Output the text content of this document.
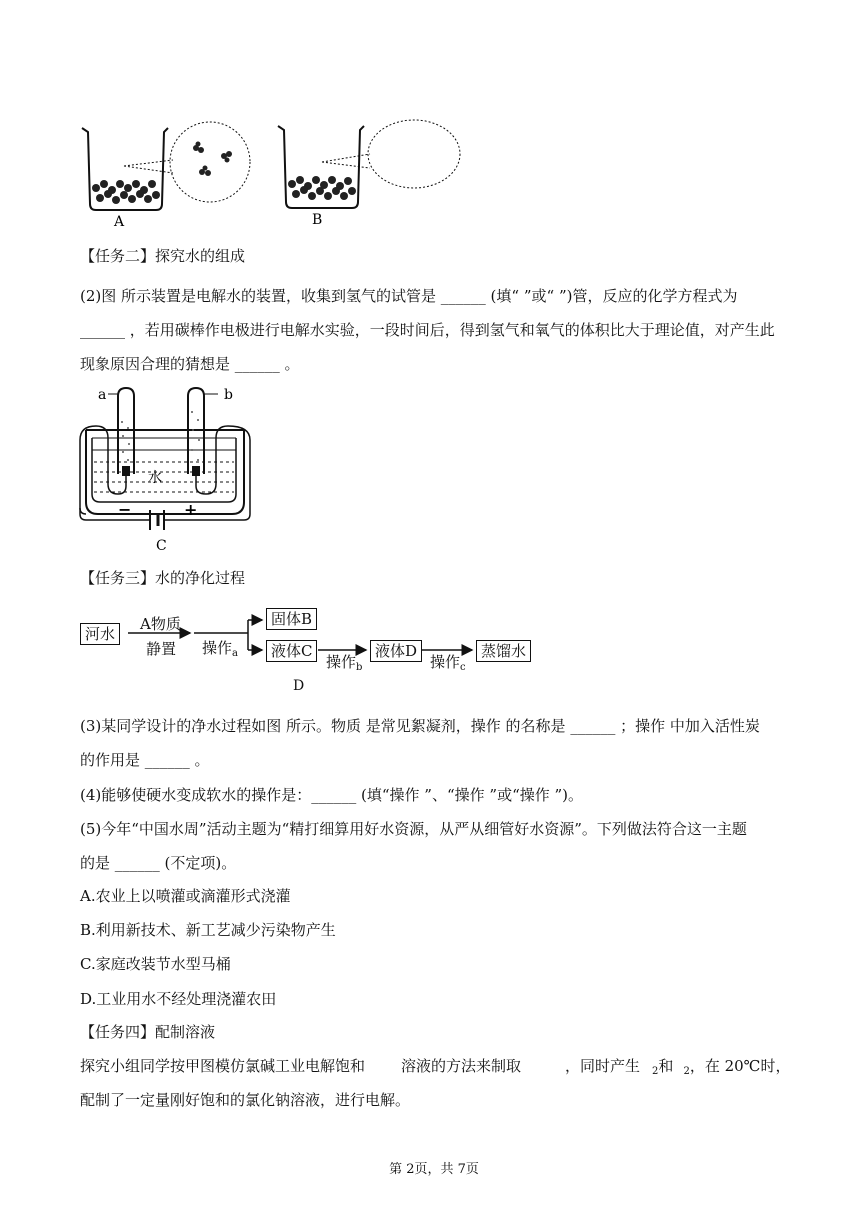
A	B
【任务二】探究水的组成
(2)图 所示装置是电解水的装置，收集到氢气的试管是 ______ (填“ ”或“ ”)管，反应的化学方程式为
______ ，若用碳棒作电极进行电解水实验，一段时间后，得到氢气和氧气的体积比大于理论值，对产生此
现象原因合理的猜想是 ______ 。
a	b
水
−	+
C
【任务三】水的净化过程
河水
A物质
静置 操作$_a$
固体B
液体C
操作$_b$
液体D
操作$_c$
蒸馏水
D
(3)某同学设计的净水过程如图 所示。物质 是常见絮凝剂，操作 的名称是 ______ ；操作 中加入活性炭
的作用是 ______ 。
(4)能够使硬水变成软水的操作是：______ (填“操作 ”、“操作 ”或“操作 ”)。
(5)今年“中国水周”活动主题为“精打细算用好水资源，从严从细管好水资源”。下列做法符合这一主题
的是 ______ (不定项)。
A.农业上以喷灌或滴灌形式浇灌
B.利用新技术、新工艺减少污染物产生
C.家庭改装节水型马桶
D.工业用水不经处理浇灌农田
【任务四】配制溶液
探究小组同学按甲图模仿氯碱工业电解饱和 溶液的方法来制取	，同时产生 $_2$和 $_2$，在 20℃时，
配制了一定量刚好饱和的氯化钠溶液，进行电解。
第 2页，共 7页
